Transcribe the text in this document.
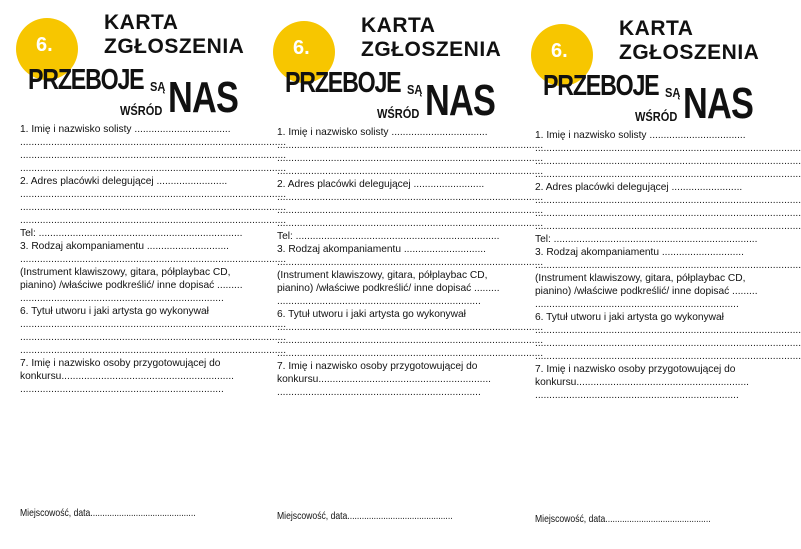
6.
KARTA
ZGŁOSZENIA
PRZEBOJE SĄ
WŚRÓD NAS

1. Imię i nazwisko solisty ..................................

..............................................................................................

..............................................................................................

..............................................................................................

2. Adres placówki delegującej .........................

..............................................................................................

..............................................................................................

..............................................................................................

Tel: ........................................................................

3. Rodzaj akompaniamentu .............................

..............................................................................................

(Instrument klawiszowy, gitara, półplaybac CD,

pianino) /właściwe podkreślić/ inne dopisać .........

........................................................................

6. Tytuł utworu i jaki artysta go wykonywał

..............................................................................................

..............................................................................................

..............................................................................................

7. Imię i nazwisko osoby przygotowującej do

konkursu.............................................................

........................................................................

Miejscowość, data............................................
6.
KARTA
ZGŁOSZENIA
PRZEBOJE SĄ
WŚRÓD NAS

1. Imię i nazwisko solisty ..................................

..............................................................................................

..............................................................................................

..............................................................................................

2. Adres placówki delegującej .........................

..............................................................................................

..............................................................................................

..............................................................................................

Tel: ........................................................................

3. Rodzaj akompaniamentu .............................

..............................................................................................

(Instrument klawiszowy, gitara, półplaybac CD,

pianino) /właściwe podkreślić/ inne dopisać .........

........................................................................

6. Tytuł utworu i jaki artysta go wykonywał

..............................................................................................

..............................................................................................

..............................................................................................

7. Imię i nazwisko osoby przygotowującej do

konkursu.............................................................

........................................................................

Miejscowość, data............................................
6.
KARTA
ZGŁOSZENIA
PRZEBOJE SĄ
WŚRÓD NAS

1. Imię i nazwisko solisty ..................................

..............................................................................................

..............................................................................................

..............................................................................................

2. Adres placówki delegującej .........................

..............................................................................................

..............................................................................................

..............................................................................................

Tel: ........................................................................

3. Rodzaj akompaniamentu .............................

..............................................................................................

(Instrument klawiszowy, gitara, półplaybac CD,

pianino) /właściwe podkreślić/ inne dopisać .........

........................................................................

6. Tytuł utworu i jaki artysta go wykonywał

..............................................................................................

..............................................................................................

..............................................................................................

7. Imię i nazwisko osoby przygotowującej do

konkursu.............................................................

........................................................................

Miejscowość, data............................................
